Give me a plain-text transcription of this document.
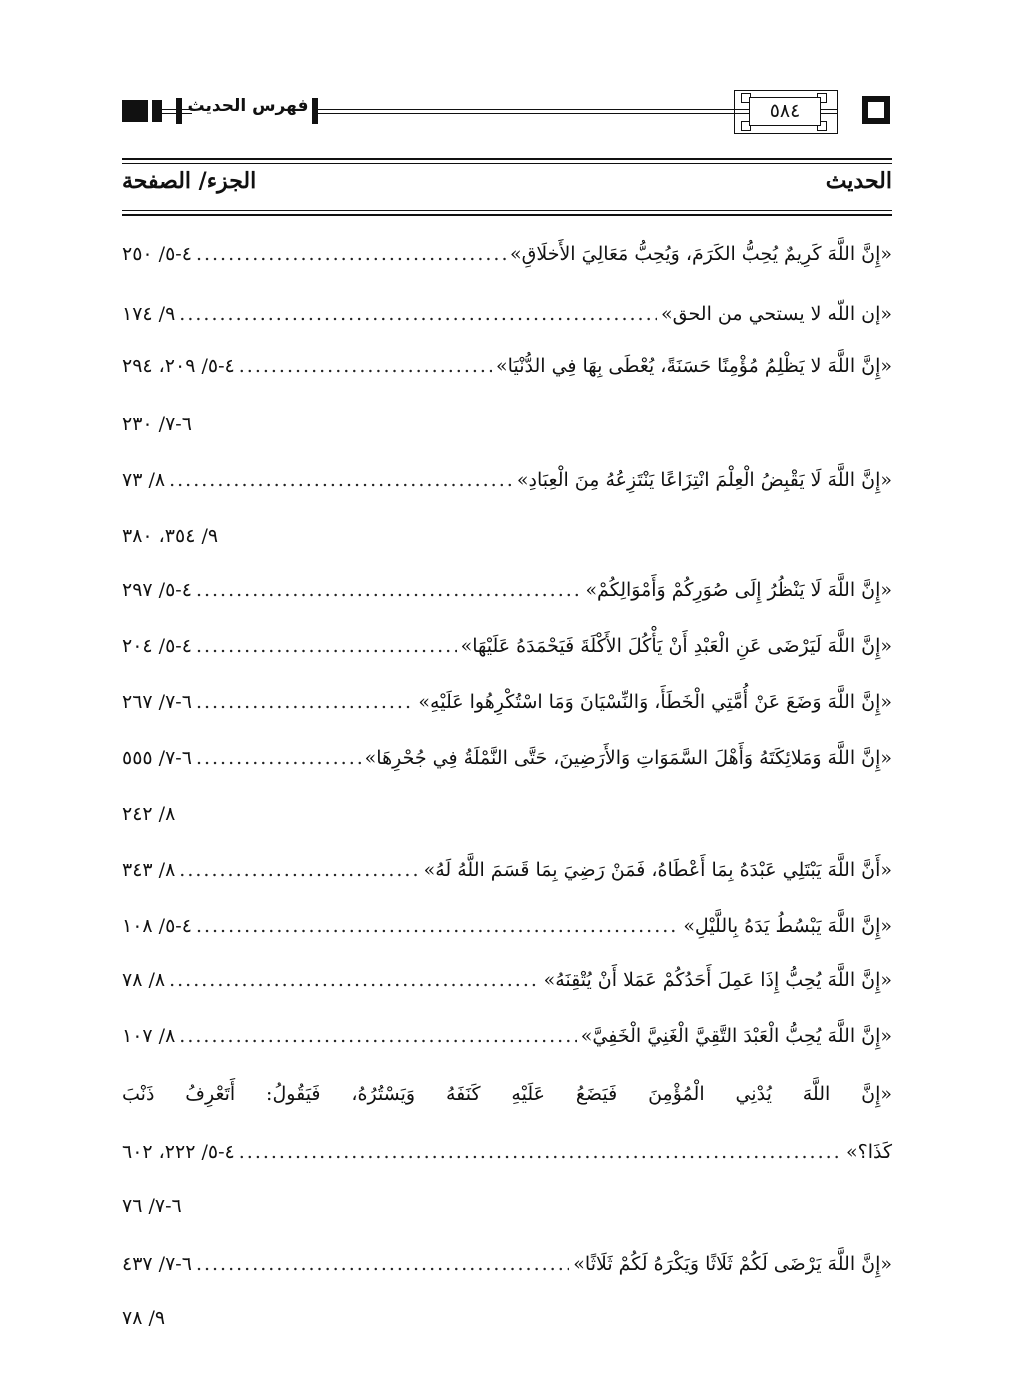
فهرس الحديث	٥٨٤
الحديث
الجزء/ الصفحة
«إِنَّ اللَّهَ كَرِيمٌ يُحِبُّ الكَرَمَ، وَيُحِبُّ مَعَالِيَ الأَخلَاقِ»
.....
٤-٥/ ٢٥٠
«إن اللّه لا يستحي من الحق»
.....
٩/ ١٧٤
«إِنَّ اللَّهَ لا يَظْلِمُ مُؤْمِنًا حَسَنَةً، يُعْطَى بِهَا فِي الدُّنْيَا»
.....
٤-٥/ ٢٠٩، ٢٩٤
٦-٧/ ٢٣٠
«إِنَّ اللَّهَ لَا يَقْبِضُ الْعِلْمَ انْتِزَاعًا يَنْتَزِعُهُ مِنَ الْعِبَادِ»
.....
٨/ ٧٣
٩/ ٣٥٤، ٣٨٠
«إِنَّ اللَّهَ لَا يَنْظُرُ إِلَى صُوَرِكُمْ وَأَمْوَالِكُمْ»
.....
٤-٥/ ٢٩٧
«إِنَّ اللَّهَ لَيَرْضَى عَنِ الْعَبْدِ أَنْ يَأْكُلَ الأَكْلَةَ فَيَحْمَدَهُ عَلَيْهَا»
.....
٤-٥/ ٢٠٤
«إِنَّ اللَّهَ وَضَعَ عَنْ أُمَّتِي الْخَطَأَ، وَالنِّسْيَانَ وَمَا اسْتُكْرِهُوا عَلَيْهِ»
.....
٦-٧/ ٢٦٧
«إِنَّ اللَّهَ وَمَلائِكَتَهُ وَأَهْلَ السَّمَوَاتِ وَالأَرَضِينَ، حَتَّى النَّمْلَةُ فِي جُحْرِهَا»
.....
٦-٧/ ٥٥٥
٨/ ٢٤٢
«أَنَّ اللَّهَ يَبْتَلِي عَبْدَهُ بِمَا أَعْطَاهُ، فَمَنْ رَضِيَ بِمَا قَسَمَ اللَّهُ لَهُ»
.....
٨/ ٣٤٣
«إِنَّ اللَّهَ يَبْسُطُ يَدَهُ بِاللَّيْلِ»
.....
٤-٥/ ١٠٨
«إِنَّ اللَّهَ يُحِبُّ إِذَا عَمِلَ أَحَدُكُمْ عَمَلا أَنْ يُتْقِنَهُ»
.....
٨/ ٧٨
«إِنَّ اللَّهَ يُحِبُّ الْعَبْدَ التَّقِيَّ الْغَنِيَّ الْخَفِيَّ»
.....
٨/ ١٠٧
«إِنَّ اللَّهَ يُدْنِي الْمُؤْمِنَ فَيَضَعُ عَلَيْهِ كَنَفَهُ وَيَسْتُرُهُ، فَيَقُولُ: أَتَعْرِفُ ذَنْبَ
كَذَا؟»
.....
٤-٥/ ٢٢٢، ٦٠٢
٦-٧/ ٧٦
«إِنَّ اللَّهَ يَرْضَى لَكُمْ ثَلَاثًا وَيَكْرَهُ لَكُمْ ثَلَاثًا»
.....
٦-٧/ ٤٣٧
٩/ ٧٨
